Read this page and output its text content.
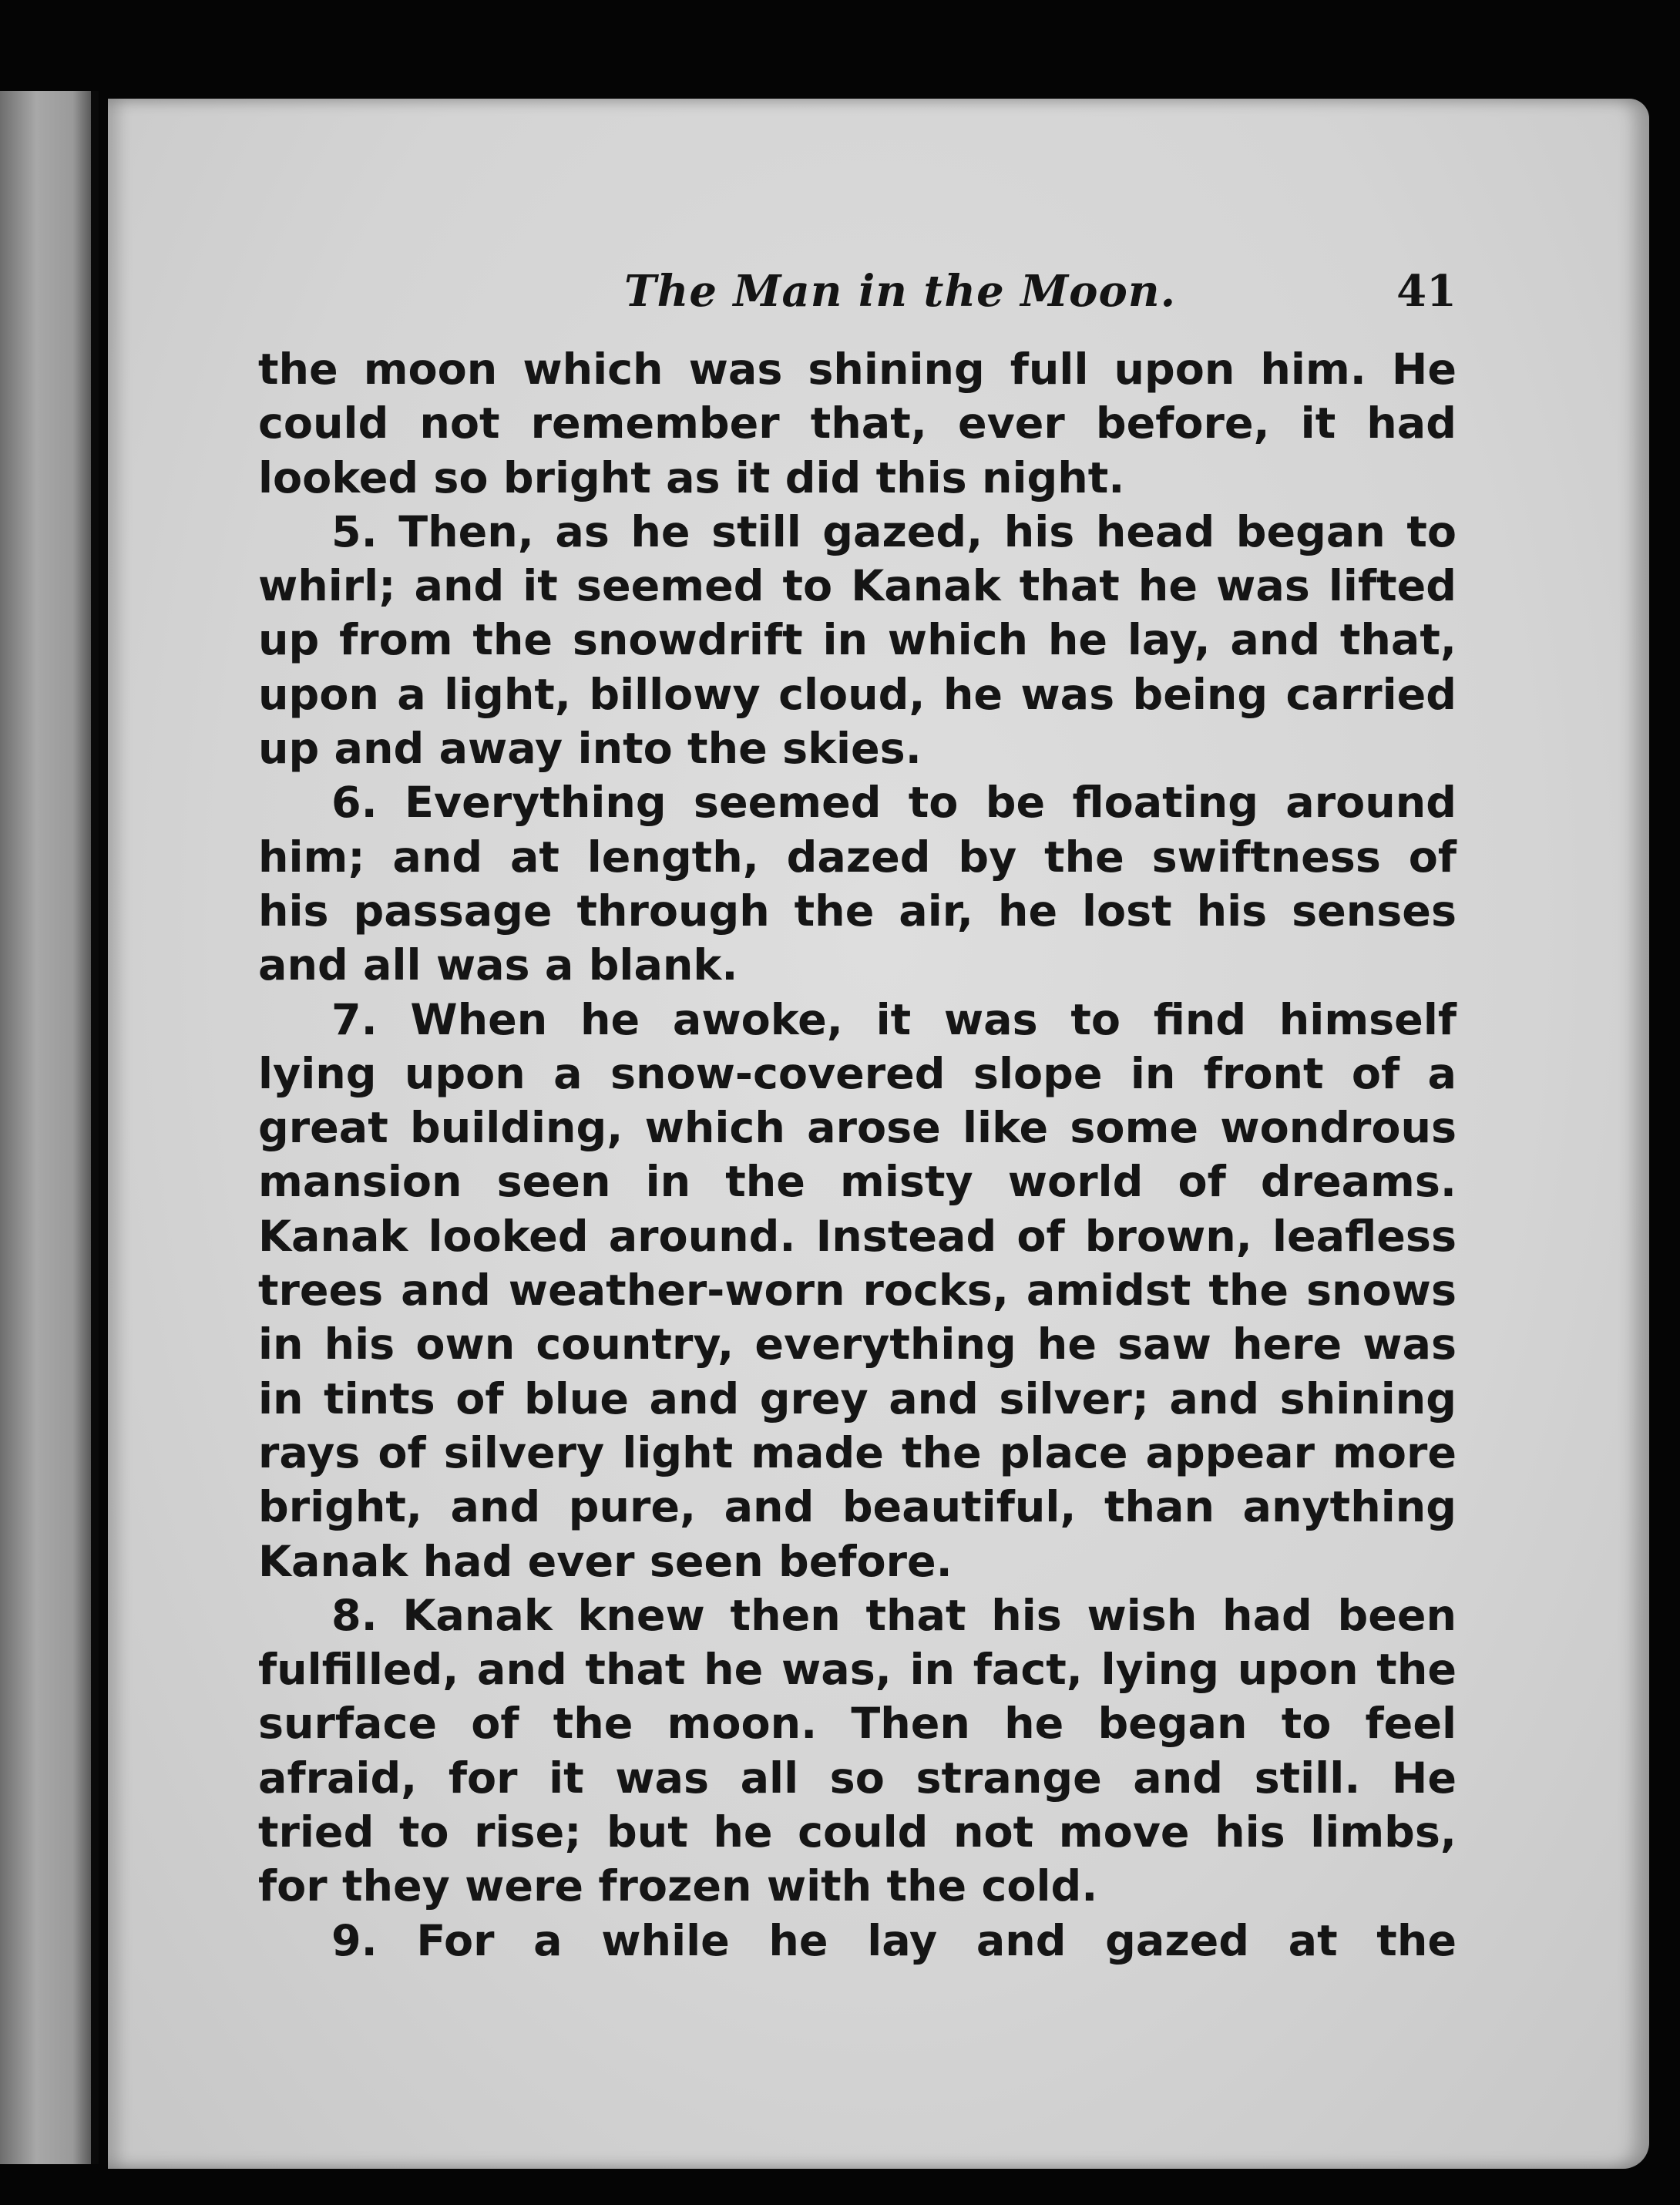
The Man in the Moon.	41
the moon which was shining full upon him. He
could not remember that, ever before, it had
looked so bright as it did this night.
5. Then, as he still gazed, his head began to
whirl; and it seemed to Kanak that he was lifted
up from the snowdrift in which he lay, and that,
upon a light, billowy cloud, he was being carried
up and away into the skies.
6. Everything seemed to be floating around
him; and at length, dazed by the swiftness of
his passage through the air, he lost his senses
and all was a blank.
7. When he awoke, it was to find himself
lying upon a snow-covered slope in front of a
great building, which arose like some wondrous
mansion seen in the misty world of dreams.
Kanak looked around. Instead of brown, leafless
trees and weather-worn rocks, amidst the snows
in his own country, everything he saw here was
in tints of blue and grey and silver; and shining
rays of silvery light made the place appear more
bright, and pure, and beautiful, than anything
Kanak had ever seen before.
8. Kanak knew then that his wish had been
fulfilled, and that he was, in fact, lying upon the
surface of the moon. Then he began to feel
afraid, for it was all so strange and still. He
tried to rise; but he could not move his limbs,
for they were frozen with the cold.
9. For a while he lay and gazed at the
